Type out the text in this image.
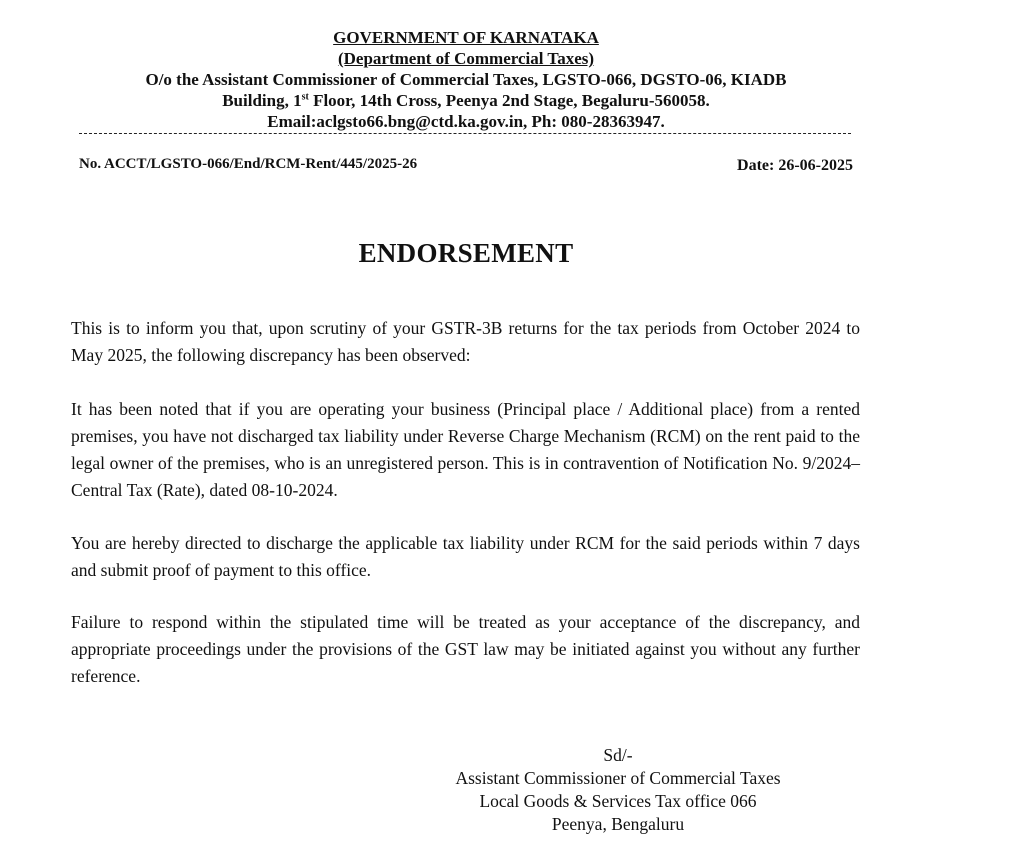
GOVERNMENT OF KARNATAKA
(Department of Commercial Taxes)
O/o the Assistant Commissioner of Commercial Taxes, LGSTO-066, DGSTO-06, KIADB
Building, 1st Floor, 14th Cross, Peenya 2nd Stage, Begaluru-560058.
Email:aclgsto66.bng@ctd.ka.gov.in, Ph: 080-28363947.
No. ACCT/LGSTO-066/End/RCM-Rent/445/2025-26	Date: 26-06-2025
ENDORSEMENT

This is to inform you that, upon scrutiny of your GSTR-3B returns for the tax periods from October 2024 to May 2025, the following discrepancy has been observed:

It has been noted that if you are operating your business (Principal place / Additional place) from a rented premises, you have not discharged tax liability under Reverse Charge Mechanism (RCM) on the rent paid to the legal owner of the premises, who is an unregistered person. This is in contravention of Notification No. 9/2024–Central Tax (Rate), dated 08-10-2024.

You are hereby directed to discharge the applicable tax liability under RCM for the said periods within 7 days and submit proof of payment to this office.

Failure to respond within the stipulated time will be treated as your acceptance of the discrepancy, and appropriate proceedings under the provisions of the GST law may be initiated against you without any further reference.

Sd/-
Assistant Commissioner of Commercial Taxes
Local Goods & Services Tax office 066
Peenya, Bengaluru
